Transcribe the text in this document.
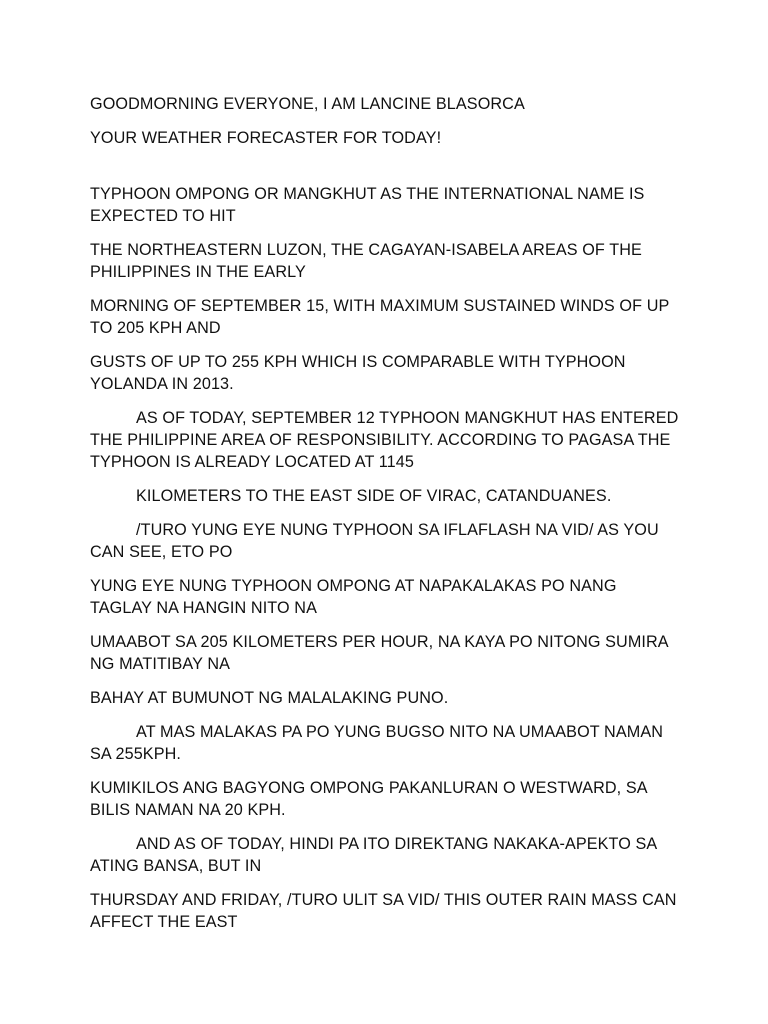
GOODMORNING EVERYONE, I AM LANCINE BLASORCA

YOUR WEATHER FORECASTER FOR TODAY!

TYPHOON OMPONG OR MANGKHUT AS THE INTERNATIONAL NAME IS EXPECTED TO HIT

THE NORTHEASTERN LUZON, THE CAGAYAN-ISABELA AREAS OF THE PHILIPPINES IN THE EARLY

MORNING OF SEPTEMBER 15, WITH MAXIMUM SUSTAINED WINDS OF UP TO 205 KPH AND

GUSTS OF UP TO 255 KPH WHICH IS COMPARABLE WITH TYPHOON YOLANDA IN 2013.

AS OF TODAY, SEPTEMBER 12 TYPHOON MANGKHUT HAS ENTERED THE PHILIPPINE AREA OF RESPONSIBILITY. ACCORDING TO PAGASA THE TYPHOON IS ALREADY LOCATED AT 1145

KILOMETERS TO THE EAST SIDE OF VIRAC, CATANDUANES.

/TURO YUNG EYE NUNG TYPHOON SA IFLAFLASH NA VID/ AS YOU CAN SEE, ETO PO

YUNG EYE NUNG TYPHOON OMPONG AT NAPAKALAKAS PO NANG TAGLAY NA HANGIN NITO NA

UMAABOT SA 205 KILOMETERS PER HOUR, NA KAYA PO NITONG SUMIRA NG MATITIBAY NA

BAHAY AT BUMUNOT NG MALALAKING PUNO.

AT MAS MALAKAS PA PO YUNG BUGSO NITO NA UMAABOT NAMAN SA 255KPH.

KUMIKILOS ANG BAGYONG OMPONG PAKANLURAN O WESTWARD, SA BILIS NAMAN NA 20 KPH.

AND AS OF TODAY, HINDI PA ITO DIREKTANG NAKAKA-APEKTO SA ATING BANSA, BUT IN

THURSDAY AND FRIDAY, /TURO ULIT SA VID/ THIS OUTER RAIN MASS CAN AFFECT THE EAST
